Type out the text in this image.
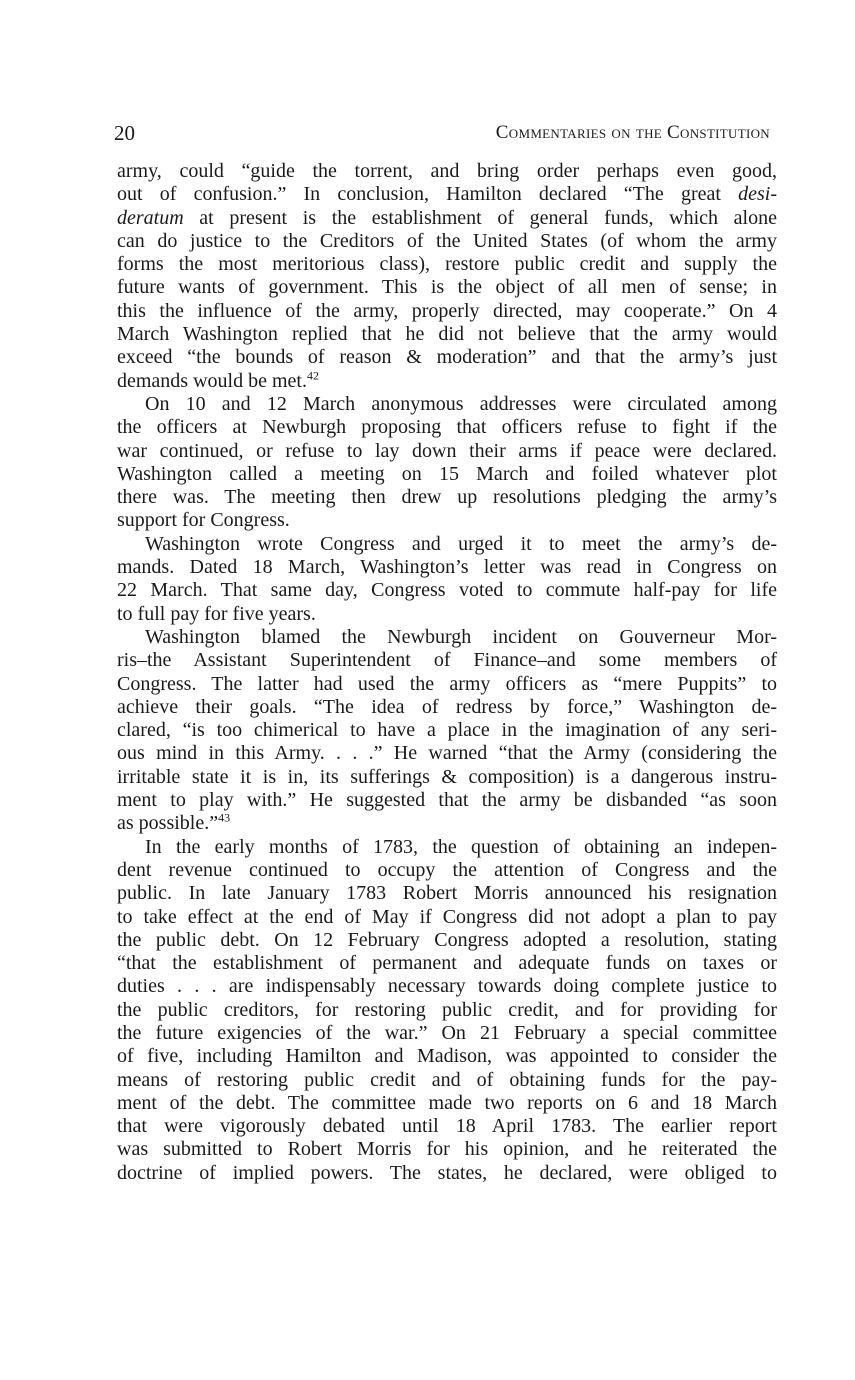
20	Commentaries on the Constitution
army, could “guide the torrent, and bring order perhaps even good,
out of confusion.” In conclusion, Hamilton declared “The great desi-
deratum at present is the establishment of general funds, which alone
can do justice to the Creditors of the United States (of whom the army
forms the most meritorious class), restore public credit and supply the
future wants of government. This is the object of all men of sense; in
this the influence of the army, properly directed, may cooperate.” On 4
March Washington replied that he did not believe that the army would
exceed “the bounds of reason & moderation” and that the army’s just
demands would be met.$^{42}$
On 10 and 12 March anonymous addresses were circulated among
the officers at Newburgh proposing that officers refuse to fight if the
war continued, or refuse to lay down their arms if peace were declared.
Washington called a meeting on 15 March and foiled whatever plot
there was. The meeting then drew up resolutions pledging the army’s
support for Congress.
Washington wrote Congress and urged it to meet the army’s de-
mands. Dated 18 March, Washington’s letter was read in Congress on
22 March. That same day, Congress voted to commute half-pay for life
to full pay for five years.
Washington blamed the Newburgh incident on Gouverneur Mor-
ris–the Assistant Superintendent of Finance–and some members of
Congress. The latter had used the army officers as “mere Puppits” to
achieve their goals. “The idea of redress by force,” Washington de-
clared, “is too chimerical to have a place in the imagination of any seri-
ous mind in this Army. . . .” He warned “that the Army (considering the
irritable state it is in, its sufferings & composition) is a dangerous instru-
ment to play with.” He suggested that the army be disbanded “as soon
as possible.”$^{43}$
In the early months of 1783, the question of obtaining an indepen-
dent revenue continued to occupy the attention of Congress and the
public. In late January 1783 Robert Morris announced his resignation
to take effect at the end of May if Congress did not adopt a plan to pay
the public debt. On 12 February Congress adopted a resolution, stating
“that the establishment of permanent and adequate funds on taxes or
duties . . . are indispensably necessary towards doing complete justice to
the public creditors, for restoring public credit, and for providing for
the future exigencies of the war.” On 21 February a special committee
of five, including Hamilton and Madison, was appointed to consider the
means of restoring public credit and of obtaining funds for the pay-
ment of the debt. The committee made two reports on 6 and 18 March
that were vigorously debated until 18 April 1783. The earlier report
was submitted to Robert Morris for his opinion, and he reiterated the
doctrine of implied powers. The states, he declared, were obliged to
